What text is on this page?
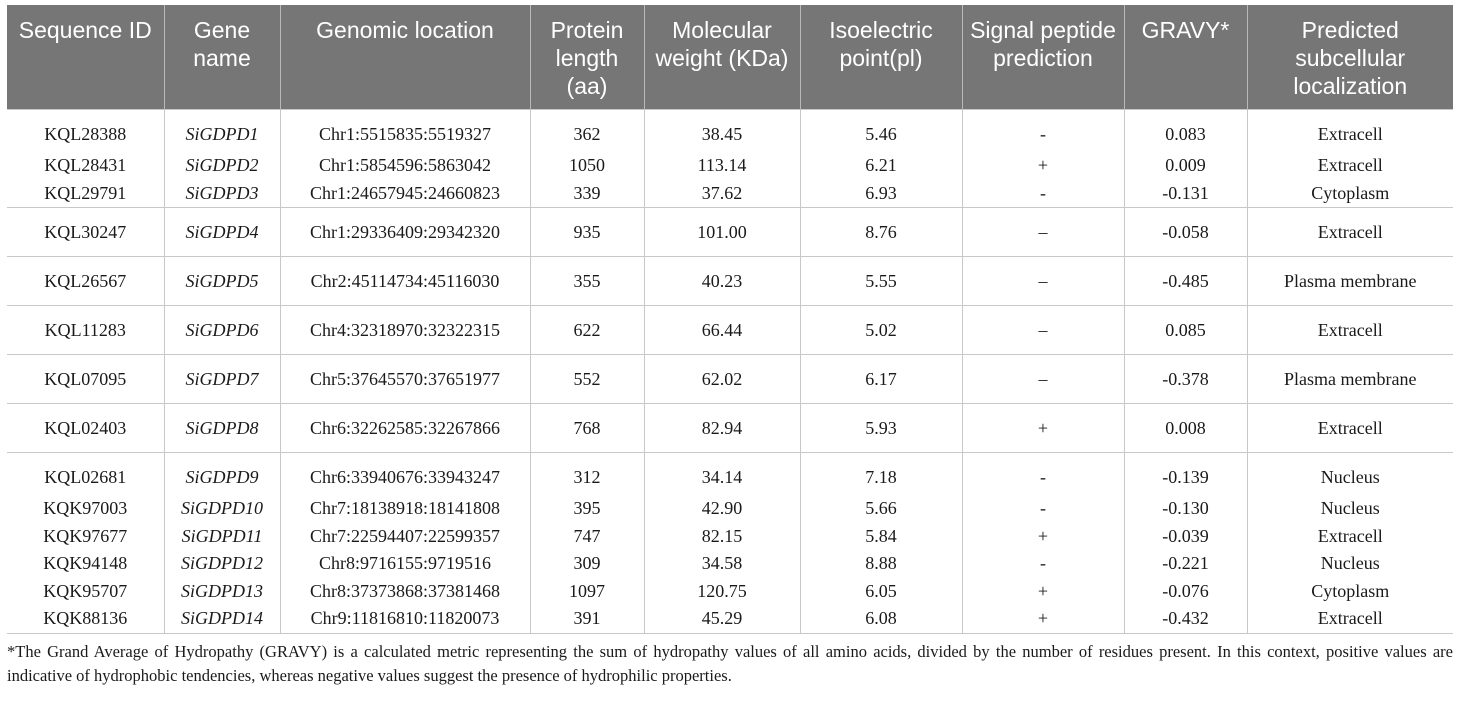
Sequence ID	Gene name	Genomic location	Protein length (aa)	Molecular weight (KDa)	Isoelectric point(pl)	Signal peptide prediction	GRAVY*	Predicted subcellular localization
KQL28388	SiGDPD1	Chr1:5515835:5519327	362	38.45	5.46	-	0.083	Extracell
KQL28431	SiGDPD2	Chr1:5854596:5863042	1050	113.14	6.21	+	0.009	Extracell
KQL29791	SiGDPD3	Chr1:24657945:24660823	339	37.62	6.93	-	-0.131	Cytoplasm
KQL30247	SiGDPD4	Chr1:29336409:29342320	935	101.00	8.76	–	-0.058	Extracell
KQL26567	SiGDPD5	Chr2:45114734:45116030	355	40.23	5.55	–	-0.485	Plasma membrane
KQL11283	SiGDPD6	Chr4:32318970:32322315	622	66.44	5.02	–	0.085	Extracell
KQL07095	SiGDPD7	Chr5:37645570:37651977	552	62.02	6.17	–	-0.378	Plasma membrane
KQL02403	SiGDPD8	Chr6:32262585:32267866	768	82.94	5.93	+	0.008	Extracell
KQL02681	SiGDPD9	Chr6:33940676:33943247	312	34.14	7.18	-	-0.139	Nucleus
KQK97003	SiGDPD10	Chr7:18138918:18141808	395	42.90	5.66	-	-0.130	Nucleus
KQK97677	SiGDPD11	Chr7:22594407:22599357	747	82.15	5.84	+	-0.039	Extracell
KQK94148	SiGDPD12	Chr8:9716155:9719516	309	34.58	8.88	-	-0.221	Nucleus
KQK95707	SiGDPD13	Chr8:37373868:37381468	1097	120.75	6.05	+	-0.076	Cytoplasm
KQK88136	SiGDPD14	Chr9:11816810:11820073	391	45.29	6.08	+	-0.432	Extracell
*The Grand Average of Hydropathy (GRAVY) is a calculated metric representing the sum of hydropathy values of all amino acids, divided by the number of residues present. In this context, positive values are indicative of hydrophobic tendencies, whereas negative values suggest the presence of hydrophilic properties.
